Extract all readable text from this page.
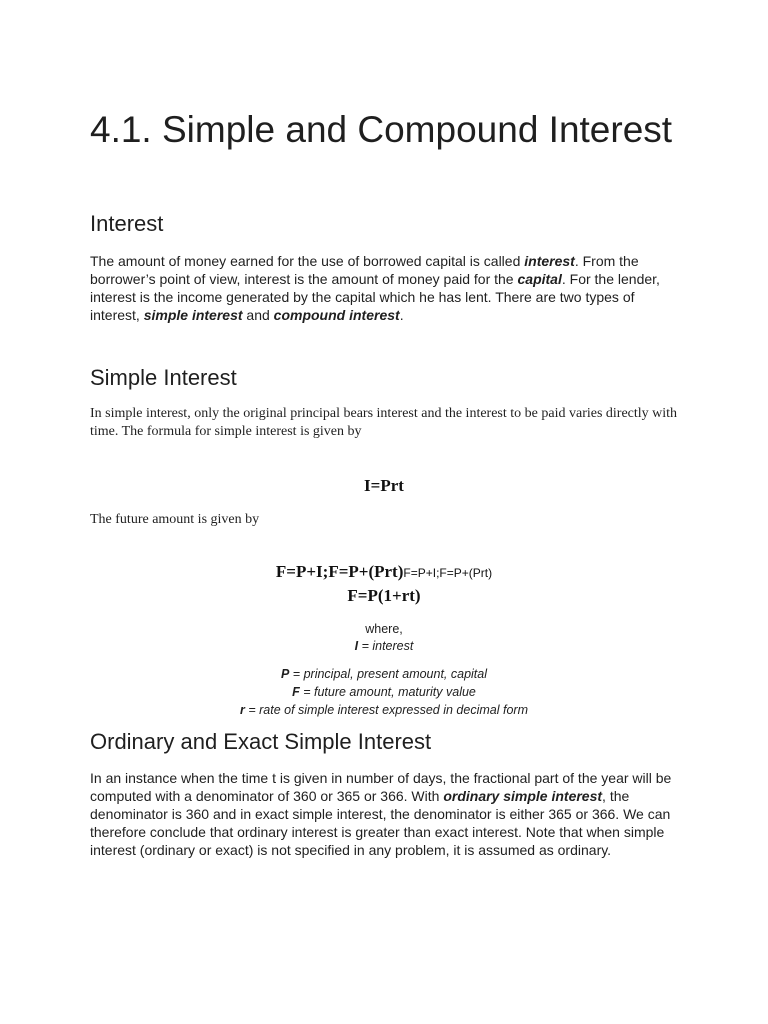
4.1. Simple and Compound Interest
Interest

The amount of money earned for the use of borrowed capital is called interest. From the borrower’s point of view, interest is the amount of money paid for the capital. For the lender, interest is the income generated by the capital which he has lent. There are two types of interest, simple interest and compound interest.

Simple Interest

In simple interest, only the original principal bears interest and the interest to be paid varies directly with time. The formula for simple interest is given by

I=Prt

The future amount is given by

F=P+I;F=P+(Prt)F=P+I;F=P+(Prt)
F=P(1+rt)
where,
I = interest
P = principal, present amount, capital
F = future amount, maturity value
r = rate of simple interest expressed in decimal form
Ordinary and Exact Simple Interest

In an instance when the time t is given in number of days, the fractional part of the year will be computed with a denominator of 360 or 365 or 366. With ordinary simple interest, the denominator is 360 and in exact simple interest, the denominator is either 365 or 366. We can therefore conclude that ordinary interest is greater than exact interest. Note that when simple interest (ordinary or exact) is not specified in any problem, it is assumed as ordinary.
